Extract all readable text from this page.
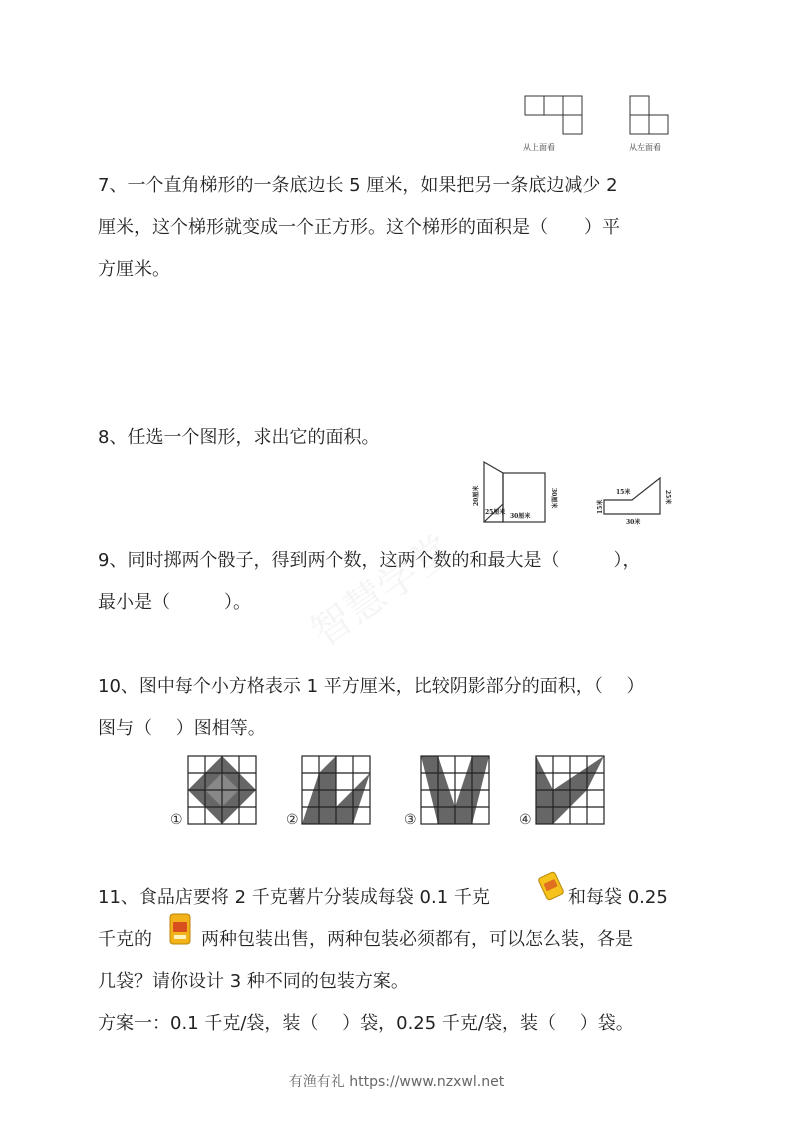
智慧学堂
从上面看	从左面看
7、一个直角梯形的一条底边长 5 厘米，如果把另一条底边减少 2
厘米，这个梯形就变成一个正方形。这个梯形的面积是（　　）平
方厘米。
8、任选一个图形，求出它的面积。
20厘米
25厘米
30厘米
30厘米	15米
15米
25米
30米
9、同时掷两个骰子，得到两个数，这两个数的和最大是（　　　），
最小是（　　　）。
10、图中每个小方格表示 1 平方厘米，比较阴影部分的面积，（　 ）
图与（　 ）图相等。
①	②	③	④
11、食品店要将 2 千克薯片分装成每袋 0.1 千克	和每袋 0.25
千克的	两种包装出售，两种包装必须都有，可以怎么装，各是
几袋？请你设计 3 种不同的包装方案。
方案一：0.1 千克/袋，装（　 ）袋，0.25 千克/袋，装（　 ）袋。
有渔有礼 https://www.nzxwl.net
